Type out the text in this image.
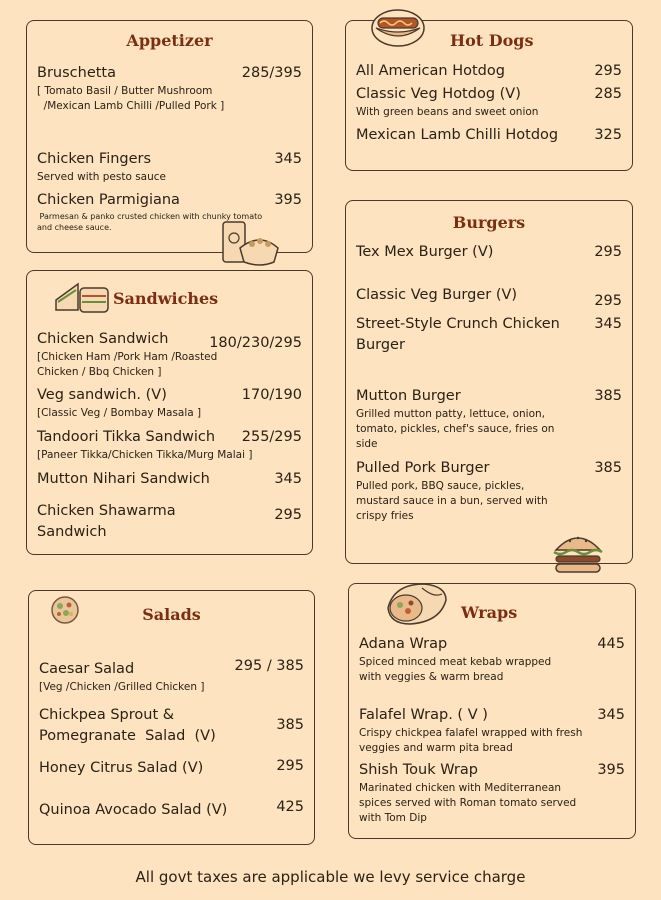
Appetizer
Bruschetta	285/395
[ Tomato Basil / Butter Mushroom
/Mexican Lamb Chilli /Pulled Pork ]
Chicken Fingers	345
Served with pesto sauce
Chicken Parmigiana	395
Parmesan & panko crusted chicken with chunky tomato
and cheese sauce.
Hot Dogs
All American Hotdog	295
Classic Veg Hotdog (V)	285
With green beans and sweet onion
Mexican Lamb Chilli Hotdog	325
Sandwiches
Chicken Sandwich	180/230/295
[Chicken Ham /Pork Ham /Roasted
Chicken / Bbq Chicken ]
Veg sandwich. (V)	170/190
[Classic Veg / Bombay Masala ]
Tandoori Tikka Sandwich	255/295
[Paneer Tikka/Chicken Tikka/Murg Malai ]
Mutton Nihari Sandwich	345
Chicken Shawarma
Sandwich
295
Burgers
Tex Mex Burger (V)	295
Classic Veg Burger (V)	295
Street-Style Crunch Chicken
Burger
345
Mutton Burger	385
Grilled mutton patty, lettuce, onion,
tomato, pickles, chef's sauce, fries on
side
Pulled Pork Burger	385
Pulled pork, BBQ sauce, pickles,
mustard sauce in a bun, served with
crispy fries
Salads
Caesar Salad	295 / 385
[Veg /Chicken /Grilled Chicken ]
Chickpea Sprout &
Pomegranate  Salad  (V)
385
Honey Citrus Salad (V)	295
Quinoa Avocado Salad (V)	425
Wraps
Adana Wrap	445
Spiced minced meat kebab wrapped
with veggies & warm bread
Falafel Wrap. ( V )	345
Crispy chickpea falafel wrapped with fresh
veggies and warm pita bread
Shish Touk Wrap	395
Marinated chicken with Mediterranean
spices served with Roman tomato served
with Tom Dip
All govt taxes are applicable we levy service charge
